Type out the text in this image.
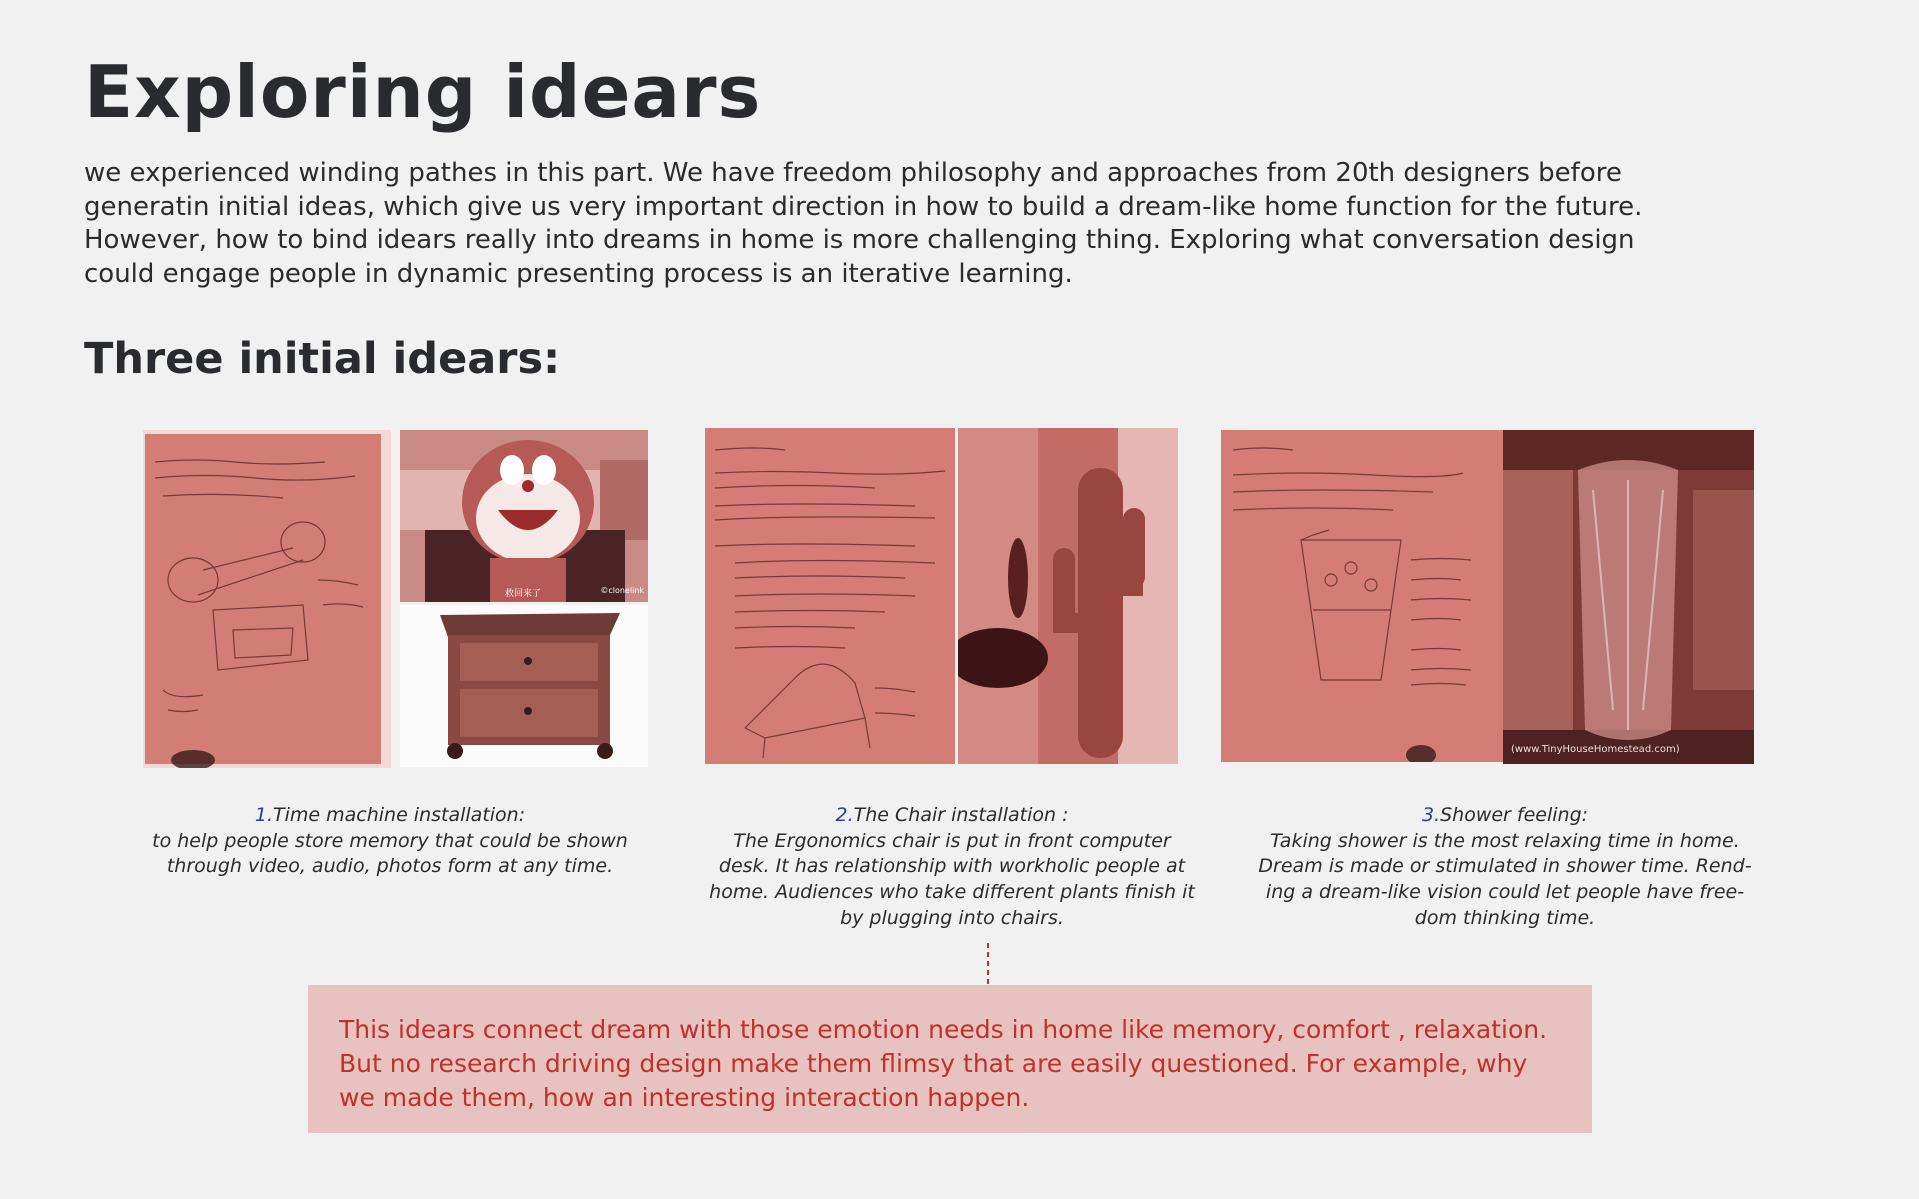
Exploring idears
we experienced winding pathes in this part. We have freedom philosophy and approaches from 20th designers before
generatin initial ideas, which give us very important direction in how to build a dream-like home function for the future.
However, how to bind idears really into dreams in home is more challenging thing. Exploring what conversation design
could engage people in dynamic presenting process is an iterative learning.
Three initial idears:
救回来了	©clonelink
(www.TinyHouseHomestead.com)
1.Time machine installation:
to help people store memory that could be shown
through video, audio, photos form at any time.
2.The Chair installation :
The Ergonomics chair is put in front computer
desk. It has relationship with workholic people at
home. Audiences who take different plants finish it
by plugging into chairs.
3.Shower feeling:
Taking shower is the most relaxing time in home.
Dream is made or stimulated in shower time. Rend-
ing a dream-like vision could let people have free-
dom thinking time.
This idears connect dream with those emotion needs in home like memory, comfort , relaxation.
But no research driving design make them flimsy that are easily questioned. For example, why
we made them, how an interesting interaction happen.
